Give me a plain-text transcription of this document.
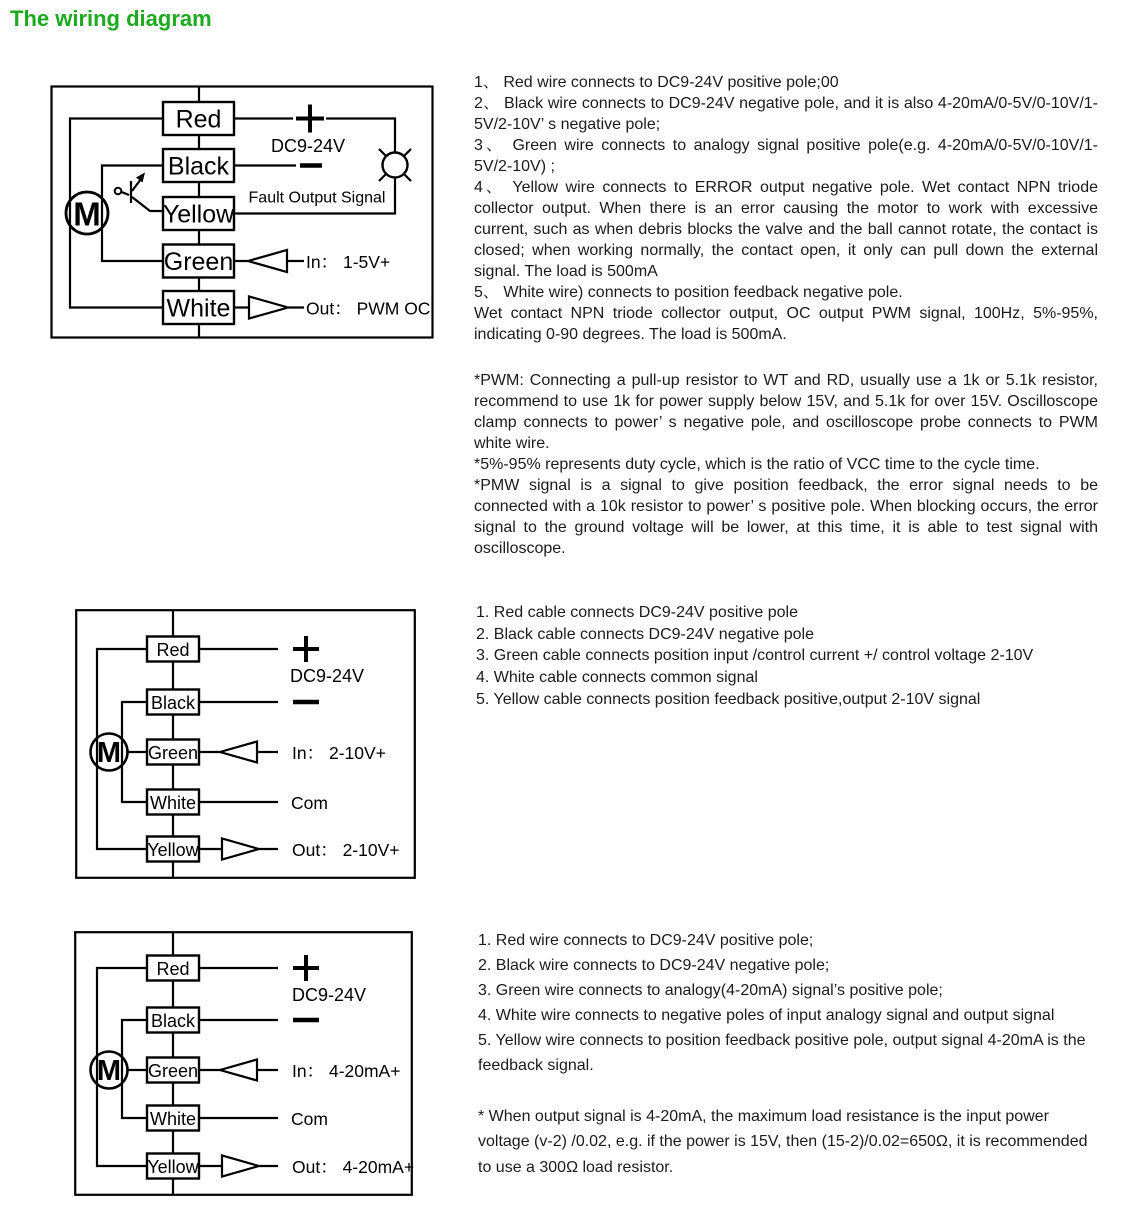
The wiring diagram
Red
Black
Yellow
Green
White
M
DC9-24V
Fault Output Signal
In： 1-5V+
Out： PWM OC
Red
Black
Green
White
Yellow
M
DC9-24V
In： 2-10V+
Com
Out： 2-10V+
Red
Black
Green
White
Yellow
M
DC9-24V
In： 4-20mA+
Com
Out： 4-20mA+

1、 Red wire connects to DC9-24V positive pole;00

2、 Black wire connects to DC9-24V negative pole, and it is also 4-20mA/0-5V/0-10V/1-5V/2-10V’ s negative pole;

3、 Green wire connects to analogy signal positive pole(e.g. 4-20mA/0-5V/0-10V/1-5V/2-10V) ;

4、 Yellow wire connects to ERROR output negative pole. Wet contact NPN triode collector output. When there is an error causing the motor to work with excessive current, such as when debris blocks the valve and the ball cannot rotate, the contact is closed; when working normally, the contact open, it only can pull down the external signal. The load is 500mA

5、 White wire) connects to position feedback negative pole.

Wet contact NPN triode collector output, OC output PWM signal, 100Hz, 5%-95%, indicating 0-90 degrees. The load is 500mA.

*PWM: Connecting a pull-up resistor to WT and RD, usually use a 1k or 5.1k resistor, recommend to use 1k for power supply below 15V, and 5.1k for over 15V. Oscilloscope clamp connects to power’ s negative pole, and oscilloscope probe connects to PWM white wire.

*5%-95% represents duty cycle, which is the ratio of VCC time to the cycle time.

*PMW signal is a signal to give position feedback, the error signal needs to be connected with a 10k resistor to power’ s positive pole. When blocking occurs, the error signal to the ground voltage will be lower, at this time, it is able to test signal with oscilloscope.

1. Red cable connects DC9-24V positive pole

2. Black cable connects DC9-24V negative pole

3. Green cable connects position input /control current +/ control voltage 2-10V

4. White cable connects common signal

5. Yellow cable connects position feedback positive,output 2-10V signal

1. Red wire connects to DC9-24V positive pole;

2. Black wire connects to DC9-24V negative pole;

3. Green wire connects to analogy(4-20mA) signal’s positive pole;

4. White wire connects to negative poles of input analogy signal and output signal

5. Yellow wire connects to position feedback positive pole, output signal 4-20mA is the feedback signal.

* When output signal is 4-20mA, the maximum load resistance is the input power voltage (v-2) /0.02, e.g. if the power is 15V, then (15-2)/0.02=650Ω, it is recommended to use a 300Ω load resistor.
